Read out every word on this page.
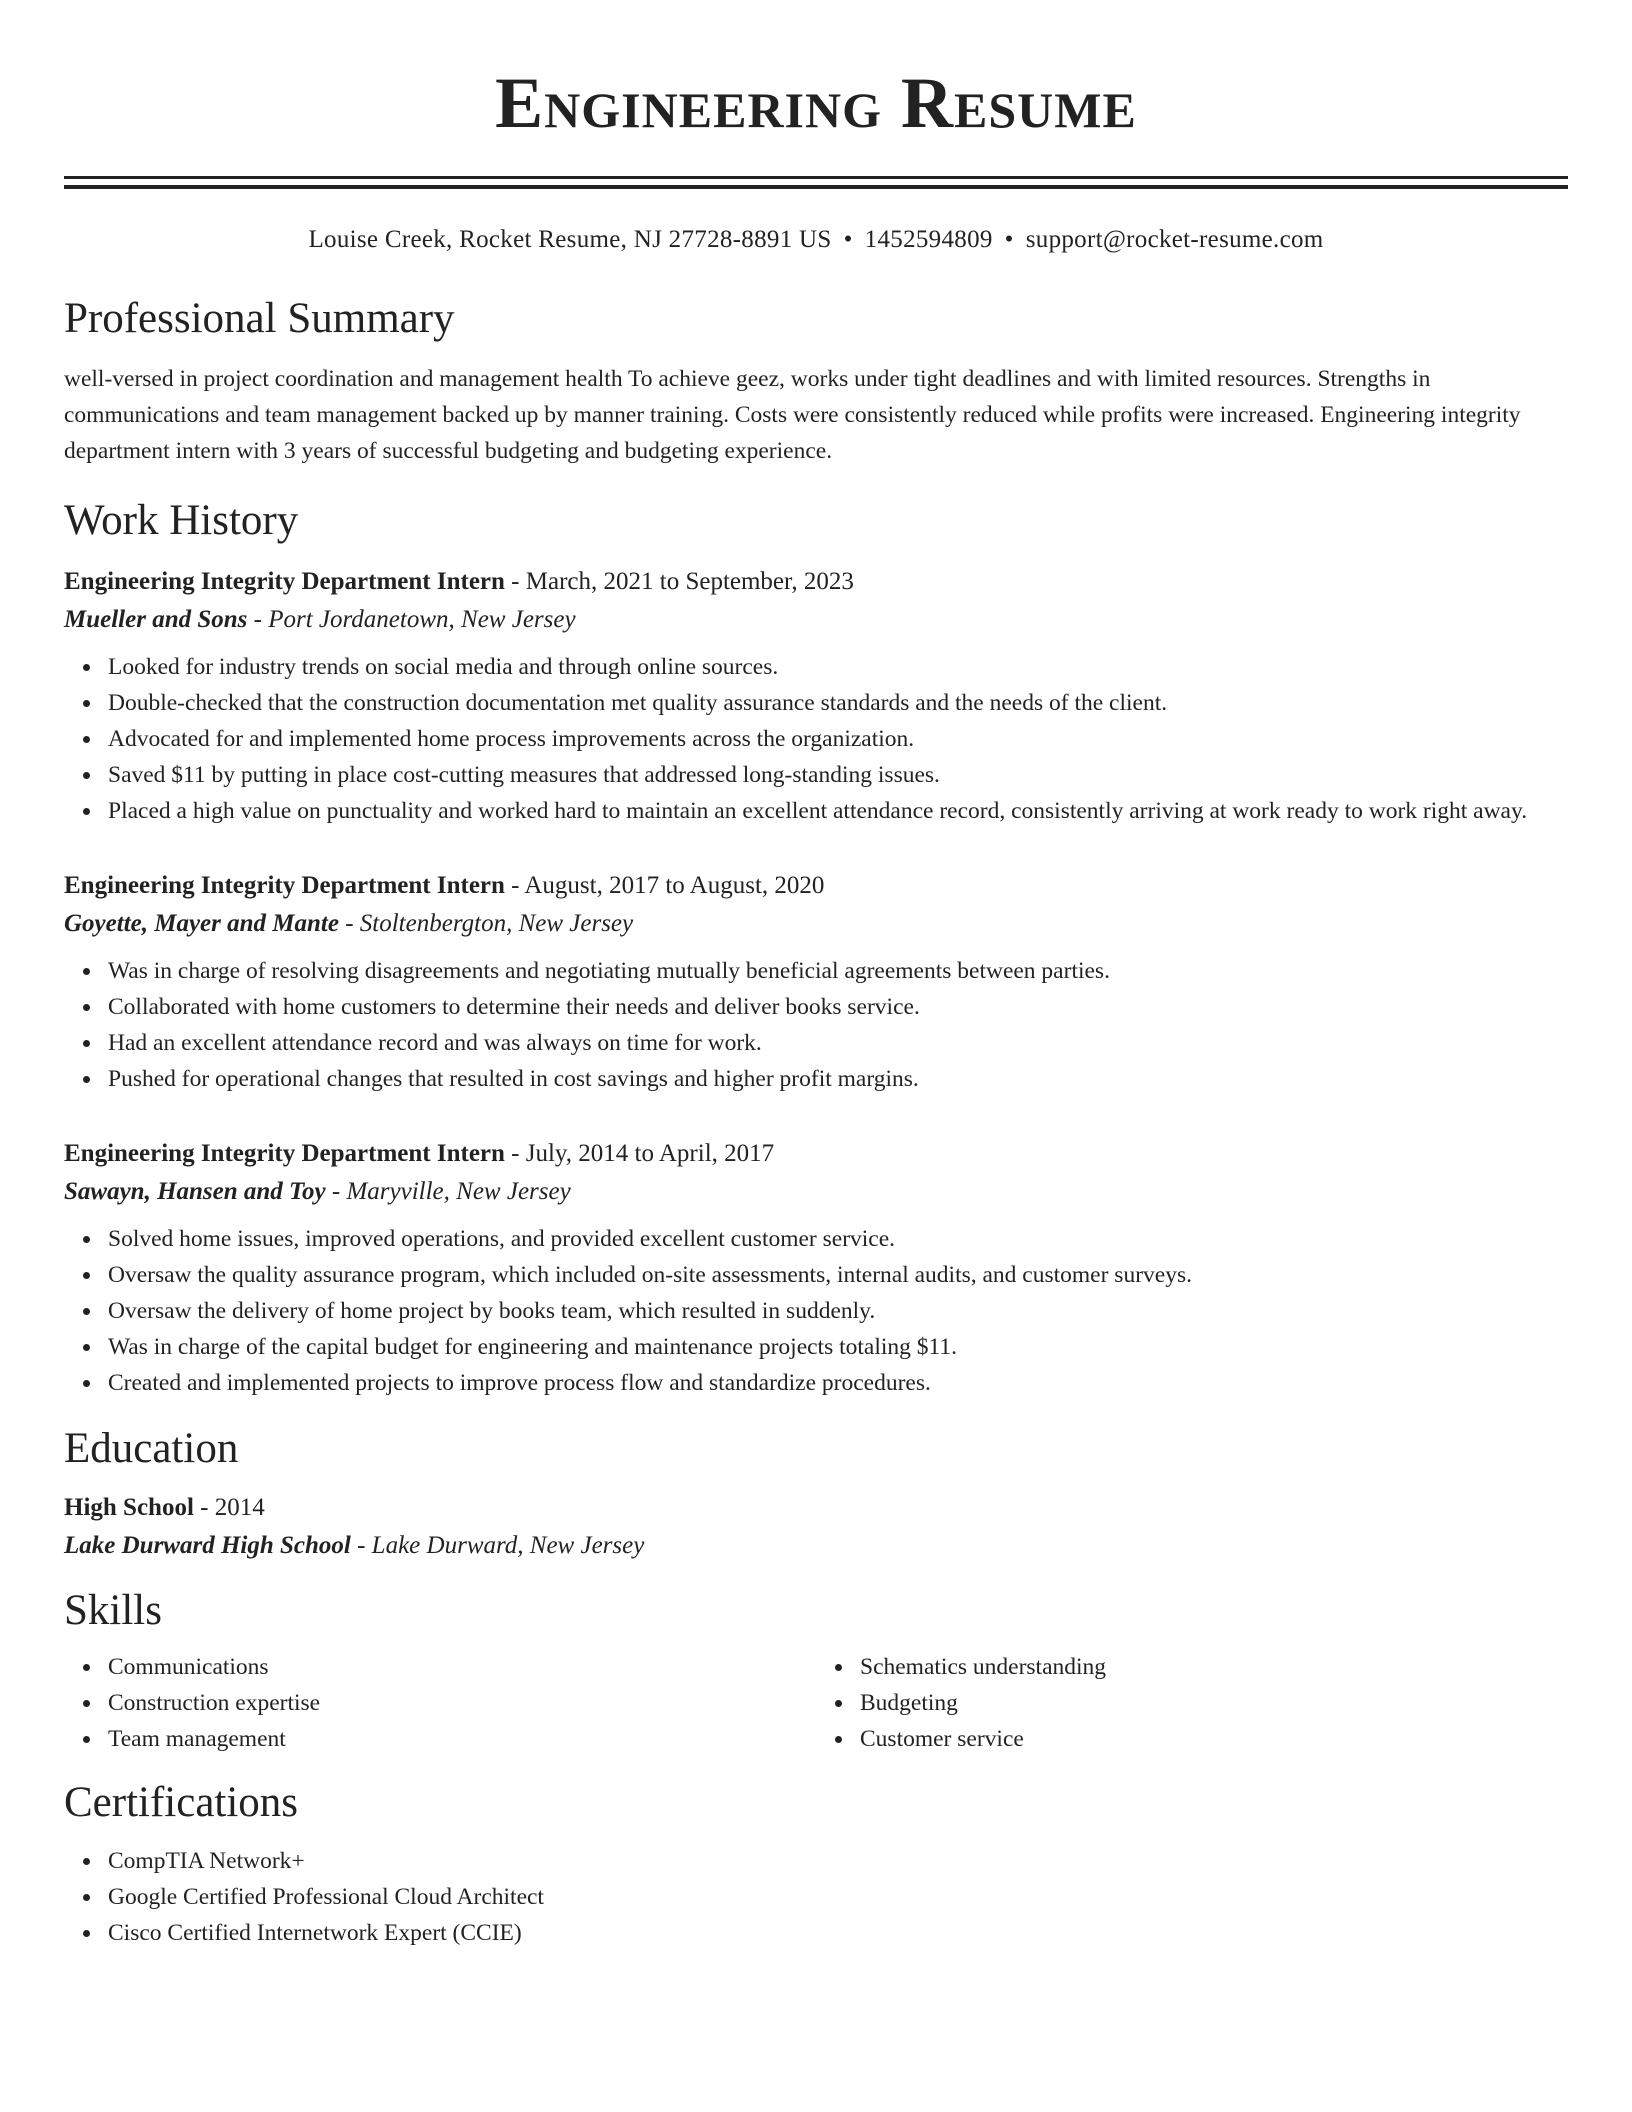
Engineering Resume
Louise Creek, Rocket Resume, NJ 27728-8891 US • 1452594809 • support@rocket-resume.com
Professional Summary
well-versed in project coordination and management health To achieve geez, works under tight deadlines and with limited resources. Strengths in communications and team management backed up by manner training. Costs were consistently reduced while profits were increased. Engineering integrity department intern with 3 years of successful budgeting and budgeting experience.
Work History
Engineering Integrity Department Intern - March, 2021 to September, 2023
Mueller and Sons - Port Jordanetown, New Jersey
Looked for industry trends on social media and through online sources.
Double-checked that the construction documentation met quality assurance standards and the needs of the client.
Advocated for and implemented home process improvements across the organization.
Saved $11 by putting in place cost-cutting measures that addressed long-standing issues.
Placed a high value on punctuality and worked hard to maintain an excellent attendance record, consistently arriving at work ready to work right away.
Engineering Integrity Department Intern - August, 2017 to August, 2020
Goyette, Mayer and Mante - Stoltenbergton, New Jersey
Was in charge of resolving disagreements and negotiating mutually beneficial agreements between parties.
Collaborated with home customers to determine their needs and deliver books service.
Had an excellent attendance record and was always on time for work.
Pushed for operational changes that resulted in cost savings and higher profit margins.
Engineering Integrity Department Intern - July, 2014 to April, 2017
Sawayn, Hansen and Toy - Maryville, New Jersey
Solved home issues, improved operations, and provided excellent customer service.
Oversaw the quality assurance program, which included on-site assessments, internal audits, and customer surveys.
Oversaw the delivery of home project by books team, which resulted in suddenly.
Was in charge of the capital budget for engineering and maintenance projects totaling $11.
Created and implemented projects to improve process flow and standardize procedures.
Education
High School - 2014
Lake Durward High School - Lake Durward, New Jersey
Skills
Communications
Construction expertise
Team management
Schematics understanding
Budgeting
Customer service
Certifications
CompTIA Network+
Google Certified Professional Cloud Architect
Cisco Certified Internetwork Expert (CCIE)
